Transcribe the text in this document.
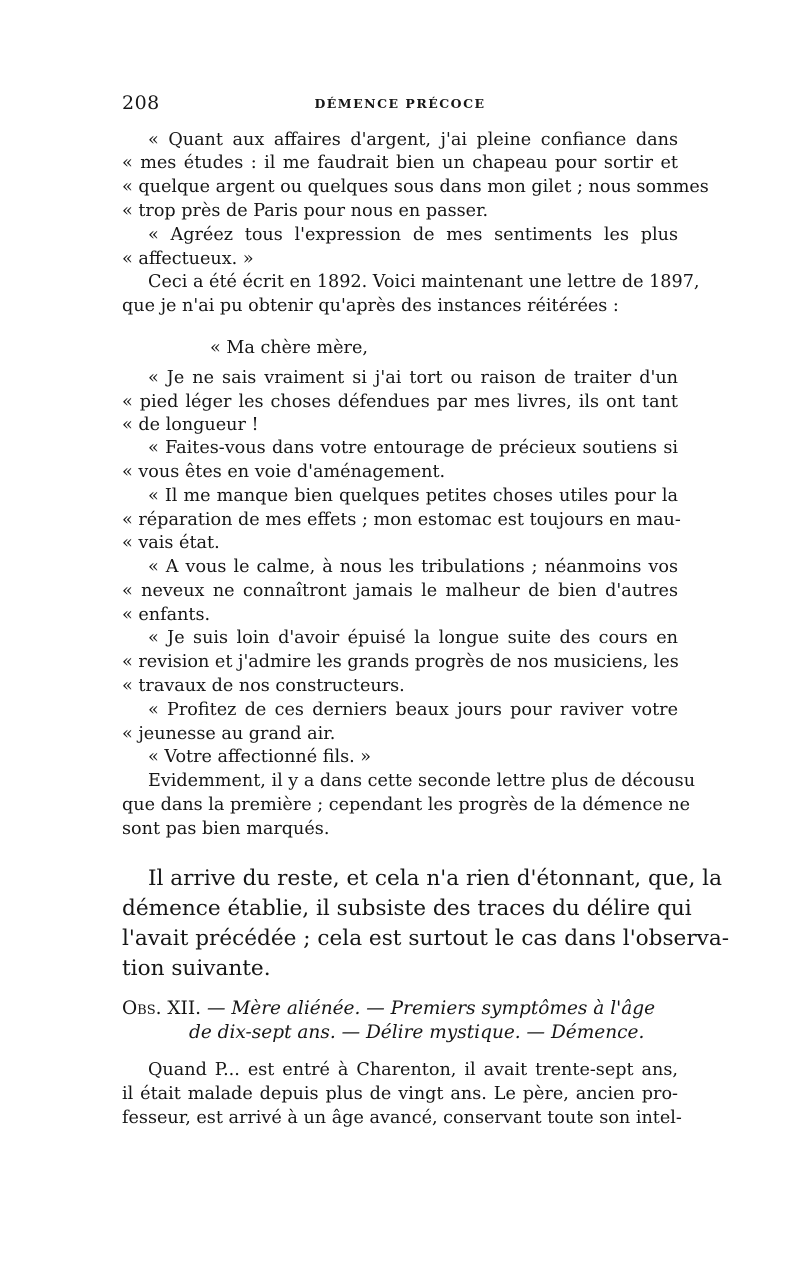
208	DÉMENCE PRÉCOCE
« Quant aux affaires d'argent, j'ai pleine confiance dans
« mes études : il me faudrait bien un chapeau pour sortir et
« quelque argent ou quelques sous dans mon gilet ; nous sommes
« trop près de Paris pour nous en passer.
« Agréez tous l'expression de mes sentiments les plus
« affectueux. »
Ceci a été écrit en 1892. Voici maintenant une lettre de 1897,
que je n'ai pu obtenir qu'après des instances réitérées :
« Ma chère mère,
« Je ne sais vraiment si j'ai tort ou raison de traiter d'un
« pied léger les choses défendues par mes livres, ils ont tant
« de longueur !
« Faites-vous dans votre entourage de précieux soutiens si
« vous êtes en voie d'aménagement.
« Il me manque bien quelques petites choses utiles pour la
« réparation de mes effets ; mon estomac est toujours en mau-
« vais état.
« A vous le calme, à nous les tribulations ; néanmoins vos
« neveux ne connaîtront jamais le malheur de bien d'autres
« enfants.
« Je suis loin d'avoir épuisé la longue suite des cours en
« revision et j'admire les grands progrès de nos musiciens, les
« travaux de nos constructeurs.
« Profitez de ces derniers beaux jours pour raviver votre
« jeunesse au grand air.
« Votre affectionné fils. »
Evidemment, il y a dans cette seconde lettre plus de décousu
que dans la première ; cependant les progrès de la démence ne
sont pas bien marqués.
Il arrive du reste, et cela n'a rien d'étonnant, que, la
démence établie, il subsiste des traces du délire qui
l'avait précédée ; cela est surtout le cas dans l'observa-
tion suivante.
Obs. XII. — Mère aliénée. — Premiers symptômes à l'âge
de dix-sept ans. — Délire mystique. — Démence.
Quand P... est entré à Charenton, il avait trente-sept ans,
il était malade depuis plus de vingt ans. Le père, ancien pro-
fesseur, est arrivé à un âge avancé, conservant toute son intel-
